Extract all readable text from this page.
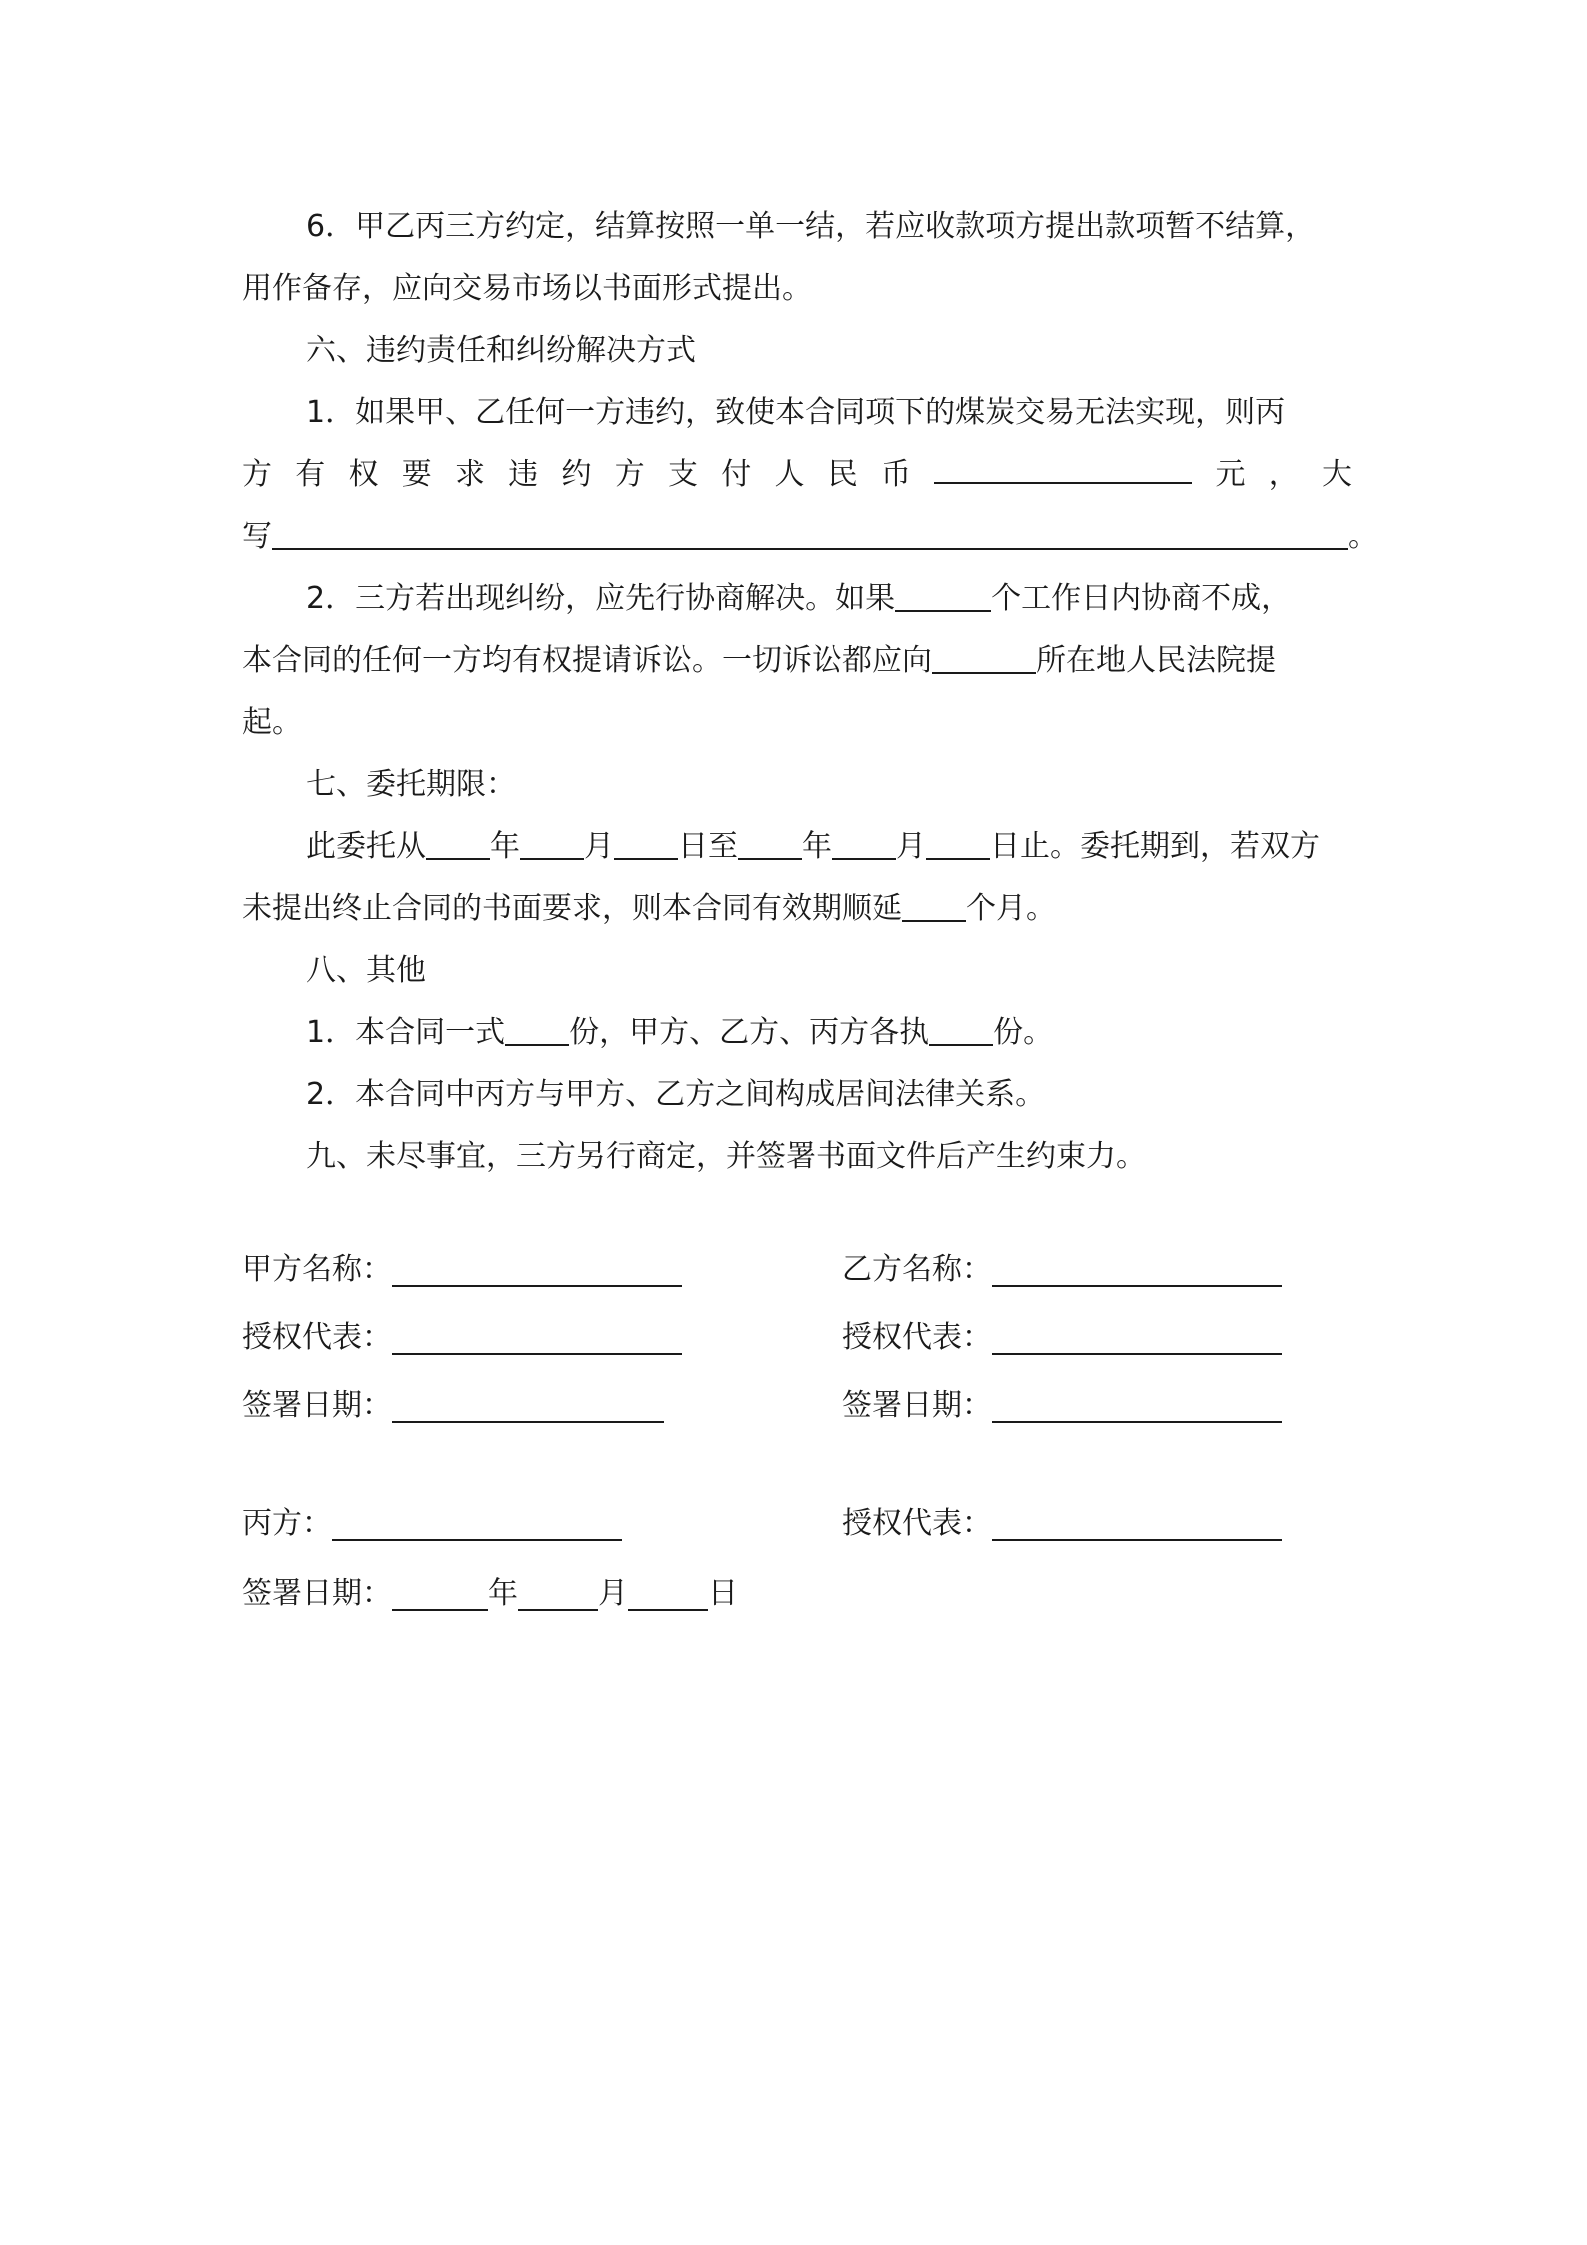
6．甲乙丙三方约定，结算按照一单一结，若应收款项方提出款项暂不结算，
用作备存，应向交易市场以书面形式提出。
六、违约责任和纠纷解决方式
1．如果甲、乙任何一方违约，致使本合同项下的煤炭交易无法实现，则丙
方 有 权 要 求 违 约 方 支 付 人 民 币	元 ， 大
写	。
2．三方若出现纠纷，应先行协商解决。如果	个工作日内协商不成，
本合同的任何一方均有权提请诉讼。一切诉讼都应向	所在地人民法院提
起。
七、委托期限：
此委托从 年 月 日至 年 月 日止。委托期到，若双方
未提出终止合同的书面要求，则本合同有效期顺延 个月。
八、其他
1．本合同一式 份，甲方、乙方、丙方各执 份。
2．本合同中丙方与甲方、乙方之间构成居间法律关系。
九、未尽事宜，三方另行商定，并签署书面文件后产生约束力。
甲方名称：	乙方名称：
授权代表：	授权代表：
签署日期：	签署日期：
丙方：	授权代表：
签署日期：	年	月	日
